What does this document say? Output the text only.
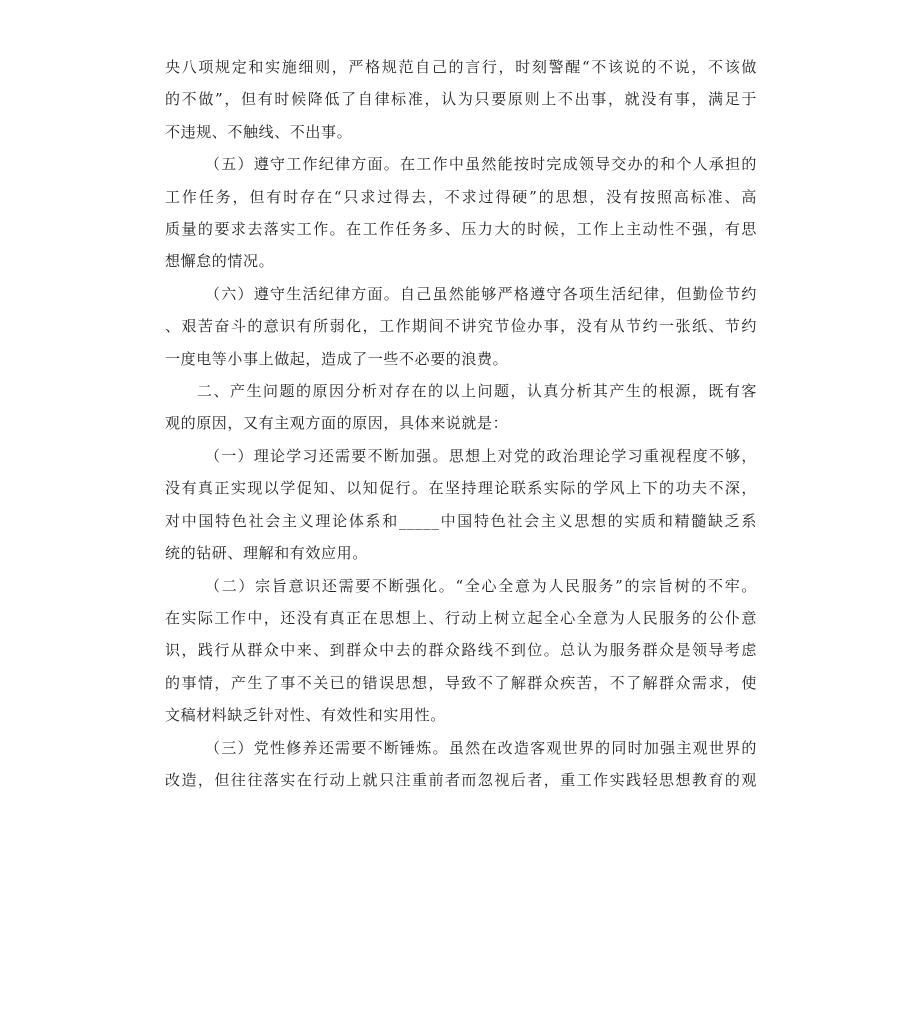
央八项规定和实施细则，严格规范自己的言行，时刻警醒“不该说的不说，不该做
的不做”，但有时候降低了自律标准，认为只要原则上不出事，就没有事，满足于
不违规、不触线、不出事。

（五）遵守工作纪律方面。在工作中虽然能按时完成领导交办的和个人承担的
工作任务，但有时存在“只求过得去，不求过得硬”的思想，没有按照高标准、高
质量的要求去落实工作。在工作任务多、压力大的时候，工作上主动性不强，有思
想懈怠的情况。

（六）遵守生活纪律方面。自己虽然能够严格遵守各项生活纪律，但勤俭节约
、艰苦奋斗的意识有所弱化，工作期间不讲究节俭办事，没有从节约一张纸、节约
一度电等小事上做起，造成了一些不必要的浪费。

二、产生问题的原因分析对存在的以上问题，认真分析其产生的根源，既有客
观的原因，又有主观方面的原因，具体来说就是：

（一）理论学习还需要不断加强。思想上对党的政治理论学习重视程度不够，
没有真正实现以学促知、以知促行。在坚持理论联系实际的学风上下的功夫不深，
对中国特色社会主义理论体系和_____中国特色社会主义思想的实质和精髓缺乏系
统的钻研、理解和有效应用。

（二）宗旨意识还需要不断强化。“全心全意为人民服务”的宗旨树的不牢。
在实际工作中，还没有真正在思想上、行动上树立起全心全意为人民服务的公仆意
识，践行从群众中来、到群众中去的群众路线不到位。总认为服务群众是领导考虑
的事情，产生了事不关已的错误思想，导致不了解群众疾苦，不了解群众需求，使
文稿材料缺乏针对性、有效性和实用性。

（三）党性修养还需要不断锤炼。虽然在改造客观世界的同时加强主观世界的
改造，但往往落实在行动上就只注重前者而忽视后者，重工作实践轻思想教育的观
